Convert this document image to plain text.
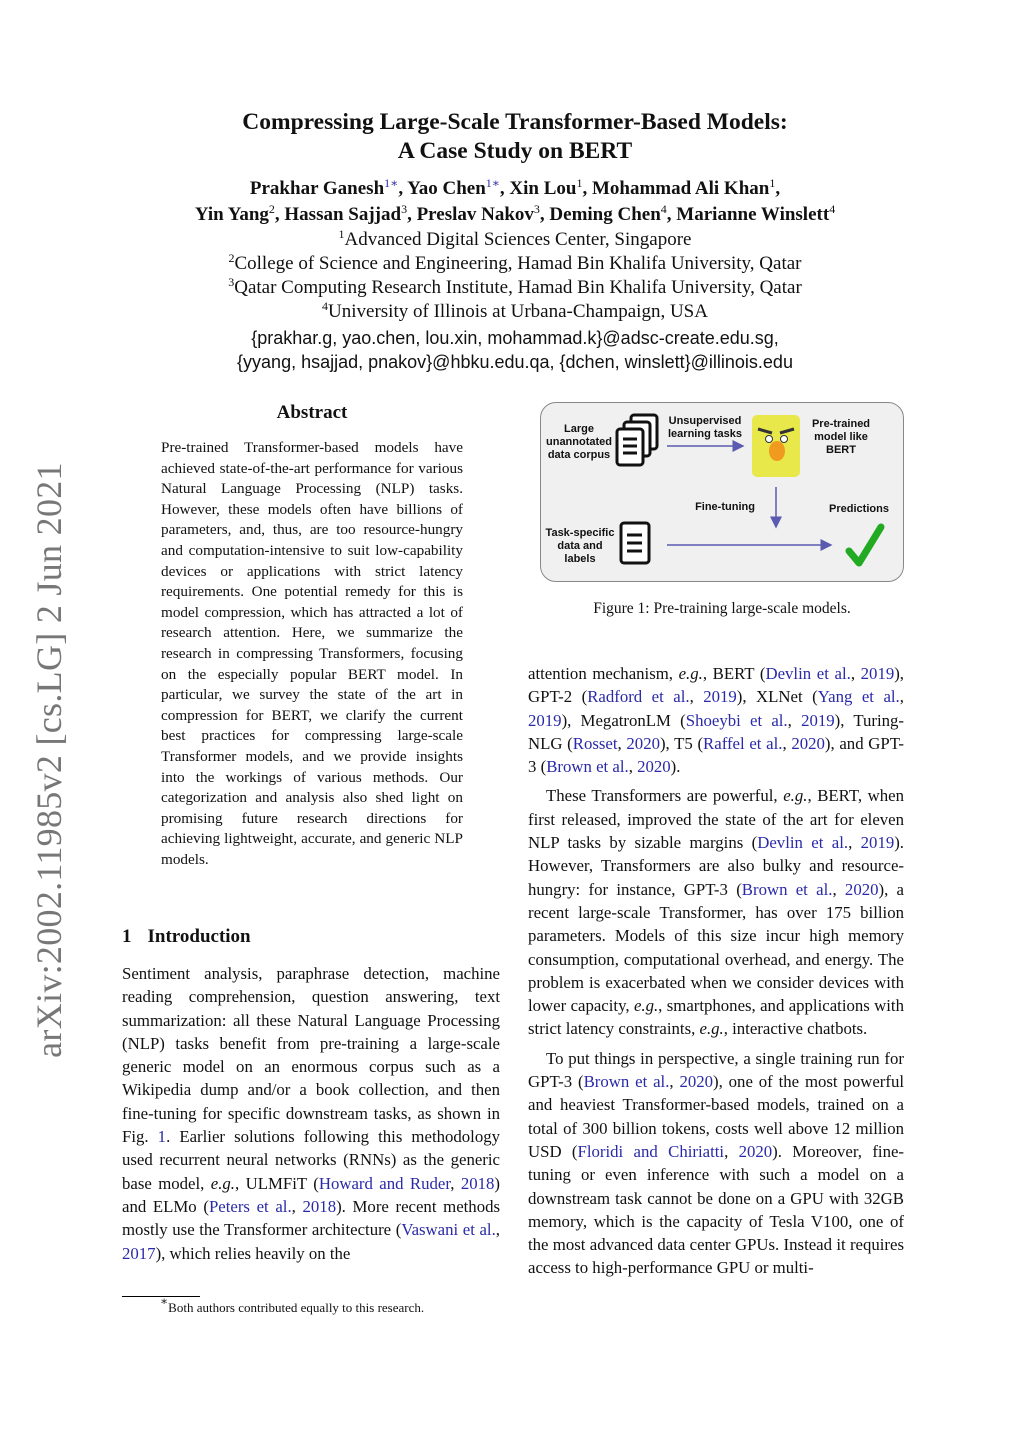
arXiv:2002.11985v2 [cs.LG] 2 Jun 2021
Compressing Large-Scale Transformer-Based Models:
A Case Study on BERT
Prakhar Ganesh$^{1∗}$, Yao Chen$^{1∗}$, Xin Lou$^1$, Mohammad Ali Khan$^1$,
Yin Yang$^2$, Hassan Sajjad$^3$, Preslav Nakov$^3$, Deming Chen$^4$, Marianne Winslett$^4$
$^1$Advanced Digital Sciences Center, Singapore
$^2$College of Science and Engineering, Hamad Bin Khalifa University, Qatar
$^3$Qatar Computing Research Institute, Hamad Bin Khalifa University, Qatar
$^4$University of Illinois at Urbana-Champaign, USA
{prakhar.g, yao.chen, lou.xin, mohammad.k}@adsc-create.edu.sg,
{yyang, hsajjad, pnakov}@hbku.edu.qa, {dchen, winslett}@illinois.edu
Abstract

Pre-trained Transformer-based models have achieved state-of-the-art performance for various Natural Language Processing (NLP) tasks. However, these models often have billions of parameters, and, thus, are too resource-hungry and computation-intensive to suit low-capability devices or applications with strict latency requirements. One potential remedy for this is model compression, which has attracted a lot of research attention. Here, we summarize the research in compressing Transformers, focusing on the especially popular BERT model. In particular, we survey the state of the art in compression for BERT, we clarify the current best practices for compressing large-scale Transformer models, and we provide insights into the workings of various methods. Our categorization and analysis also shed light on promising future research directions for achieving lightweight, accurate, and generic NLP models.

1 Introduction

Sentiment analysis, paraphrase detection, machine reading comprehension, question answering, text summarization: all these Natural Language Processing (NLP) tasks benefit from pre-training a large-scale generic model on an enormous corpus such as a Wikipedia dump and/or a book collection, and then fine-tuning for specific downstream tasks, as shown in Fig. 1. Earlier solutions following this methodology used recurrent neural networks (RNNs) as the generic base model, e.g., ULMFiT (Howard and Ruder, 2018) and ELMo (Peters et al., 2018). More recent methods mostly use the Transformer architecture (Vaswani et al., 2017), which relies heavily on the

∗Both authors contributed equally to this research.
Large unannotated data corpus
Unsupervised learning tasks
Pre-trained model like BERT
Fine-tuning	Predictions
Task-specific data and labels
Figure 1: Pre-training large-scale models.

attention mechanism, e.g., BERT (Devlin et al., 2019), GPT-2 (Radford et al., 2019), XLNet (Yang et al., 2019), MegatronLM (Shoeybi et al., 2019), Turing-NLG (Rosset, 2020), T5 (Raffel et al., 2020), and GPT-3 (Brown et al., 2020).

These Transformers are powerful, e.g., BERT, when first released, improved the state of the art for eleven NLP tasks by sizable margins (Devlin et al., 2019). However, Transformers are also bulky and resource-hungry: for instance, GPT-3 (Brown et al., 2020), a recent large-scale Transformer, has over 175 billion parameters. Models of this size incur high memory consumption, computational overhead, and energy. The problem is exacerbated when we consider devices with lower capacity, e.g., smartphones, and applications with strict latency constraints, e.g., interactive chatbots.

To put things in perspective, a single training run for GPT-3 (Brown et al., 2020), one of the most powerful and heaviest Transformer-based models, trained on a total of 300 billion tokens, costs well above 12 million USD (Floridi and Chiriatti, 2020). Moreover, fine-tuning or even inference with such a model on a downstream task cannot be done on a GPU with 32GB memory, which is the capacity of Tesla V100, one of the most advanced data center GPUs. Instead it requires access to high-performance GPU or multi-
